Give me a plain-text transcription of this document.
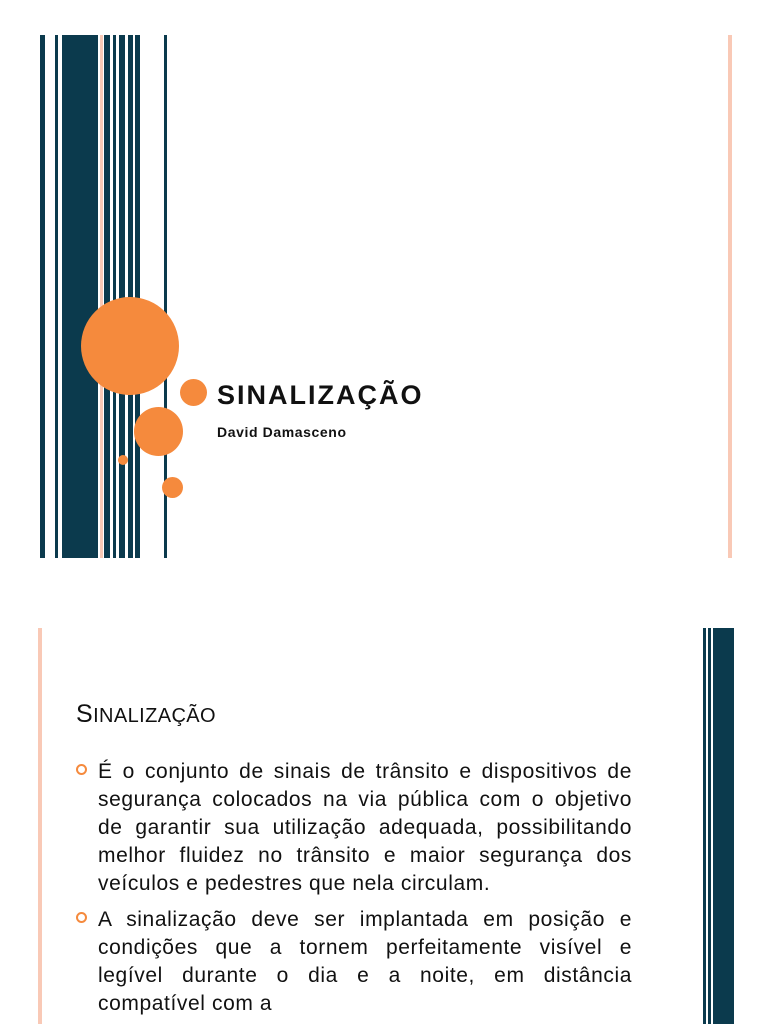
SINALIZAÇÃO
David Damasceno
SINALIZAÇÃO
É o conjunto de sinais de trânsito e dispositivos de segurança colocados na via pública com o objetivo de garantir sua utilização adequada, possibilitando melhor fluidez no trânsito e maior segurança dos veículos e pedestres que nela circulam.
A sinalização deve ser implantada em posição e condições que a tornem perfeitamente visível e legível durante o dia e a noite, em distância compatível com a
